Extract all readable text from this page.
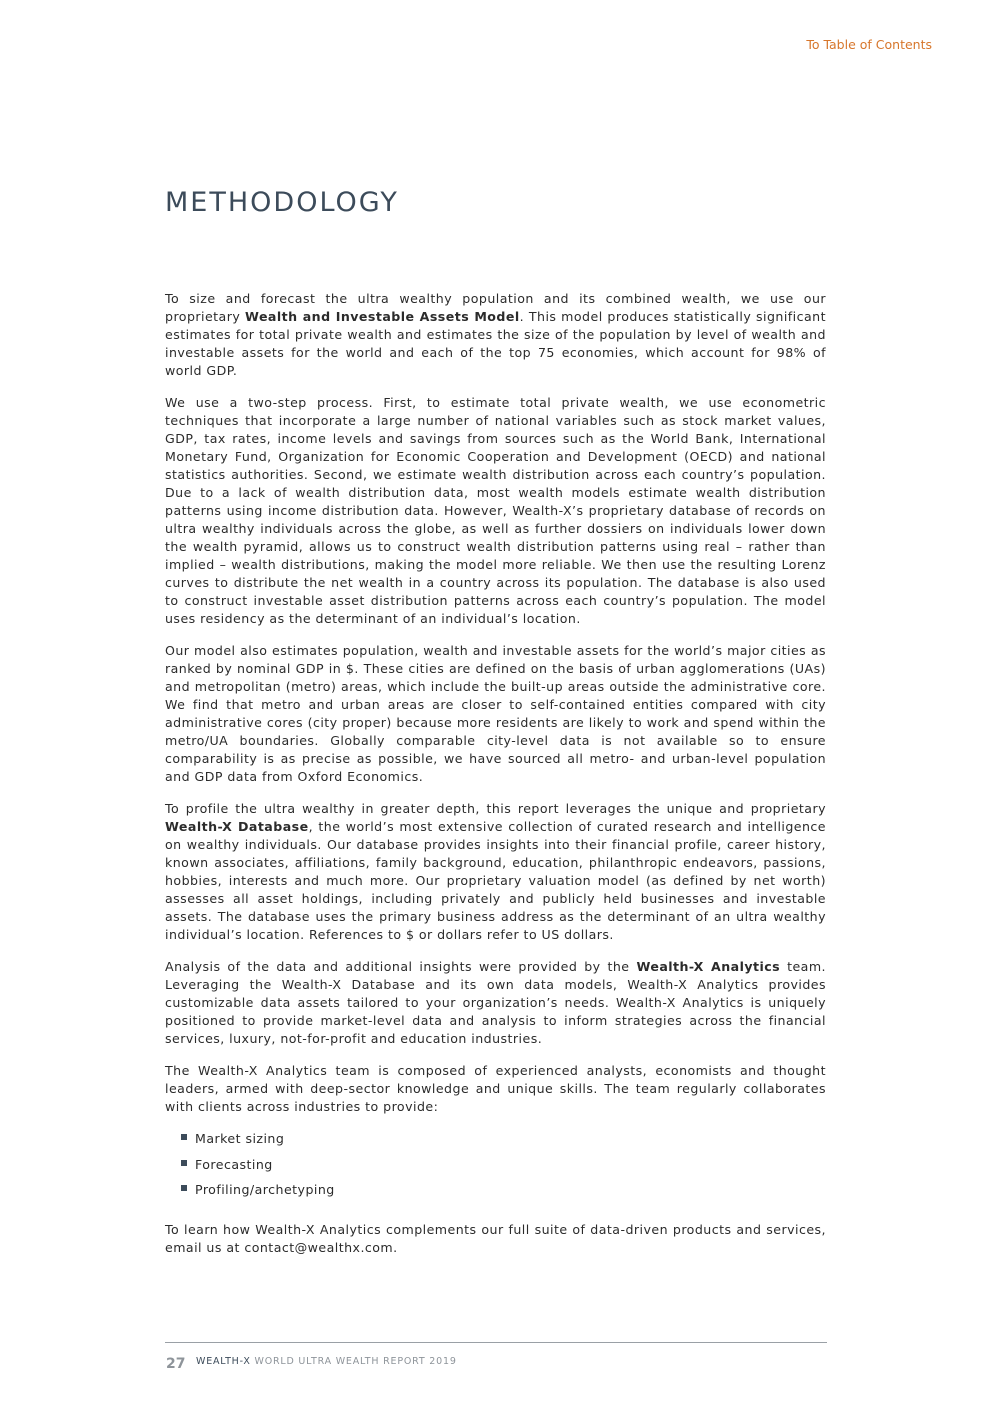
To Table of Contents
METHODOLOGY

To size and forecast the ultra wealthy population and its combined wealth, we use our proprietary Wealth and Investable Assets Model. This model produces statistically significant estimates for total private wealth and estimates the size of the population by level of wealth and investable assets for the world and each of the top 75 economies, which account for 98% of world GDP.

We use a two-step process. First, to estimate total private wealth, we use econometric techniques that incorporate a large number of national variables such as stock market values, GDP, tax rates, income levels and savings from sources such as the World Bank, International Monetary Fund, Organization for Economic Cooperation and Development (OECD) and national statistics authorities. Second, we estimate wealth distribution across each country’s population. Due to a lack of wealth distribution data, most wealth models estimate wealth distribution patterns using income distribution data. However, Wealth-X’s proprietary database of records on ultra wealthy individuals across the globe, as well as further dossiers on individuals lower down the wealth pyramid, allows us to construct wealth distribution patterns using real – rather than implied – wealth distributions, making the model more reliable. We then use the resulting Lorenz curves to distribute the net wealth in a country across its population. The database is also used to construct investable asset distribution patterns across each country’s population. The model uses residency as the determinant of an individual’s location.

Our model also estimates population, wealth and investable assets for the world’s major cities as ranked by nominal GDP in $. These cities are defined on the basis of urban agglomerations (UAs) and metropolitan (metro) areas, which include the built-up areas outside the administrative core. We find that metro and urban areas are closer to self-contained entities compared with city administrative cores (city proper) because more residents are likely to work and spend within the metro/UA boundaries. Globally comparable city-level data is not available so to ensure comparability is as precise as possible, we have sourced all metro- and urban-level population and GDP data from Oxford Economics.

To profile the ultra wealthy in greater depth, this report leverages the unique and proprietary Wealth-X Database, the world’s most extensive collection of curated research and intelligence on wealthy individuals. Our database provides insights into their financial profile, career history, known associates, affiliations, family background, education, philanthropic endeavors, passions, hobbies, interests and much more. Our proprietary valuation model (as defined by net worth) assesses all asset holdings, including privately and publicly held businesses and investable assets. The database uses the primary business address as the determinant of an ultra wealthy individual’s location. References to $ or dollars refer to US dollars.

Analysis of the data and additional insights were provided by the Wealth-X Analytics team. Leveraging the Wealth-X Database and its own data models, Wealth-X Analytics provides customizable data assets tailored to your organization’s needs. Wealth-X Analytics is uniquely positioned to provide market-level data and analysis to inform strategies across the financial services, luxury, not-for-profit and education industries.

The Wealth-X Analytics team is composed of experienced analysts, economists and thought leaders, armed with deep-sector knowledge and unique skills. The team regularly collaborates with clients across industries to provide:

Market sizing
Forecasting
Profiling/archetyping

To learn how Wealth-X Analytics complements our full suite of data-driven products and services, email us at contact@wealthx.com.

27 WEALTH-X WORLD ULTRA WEALTH REPORT 2019
